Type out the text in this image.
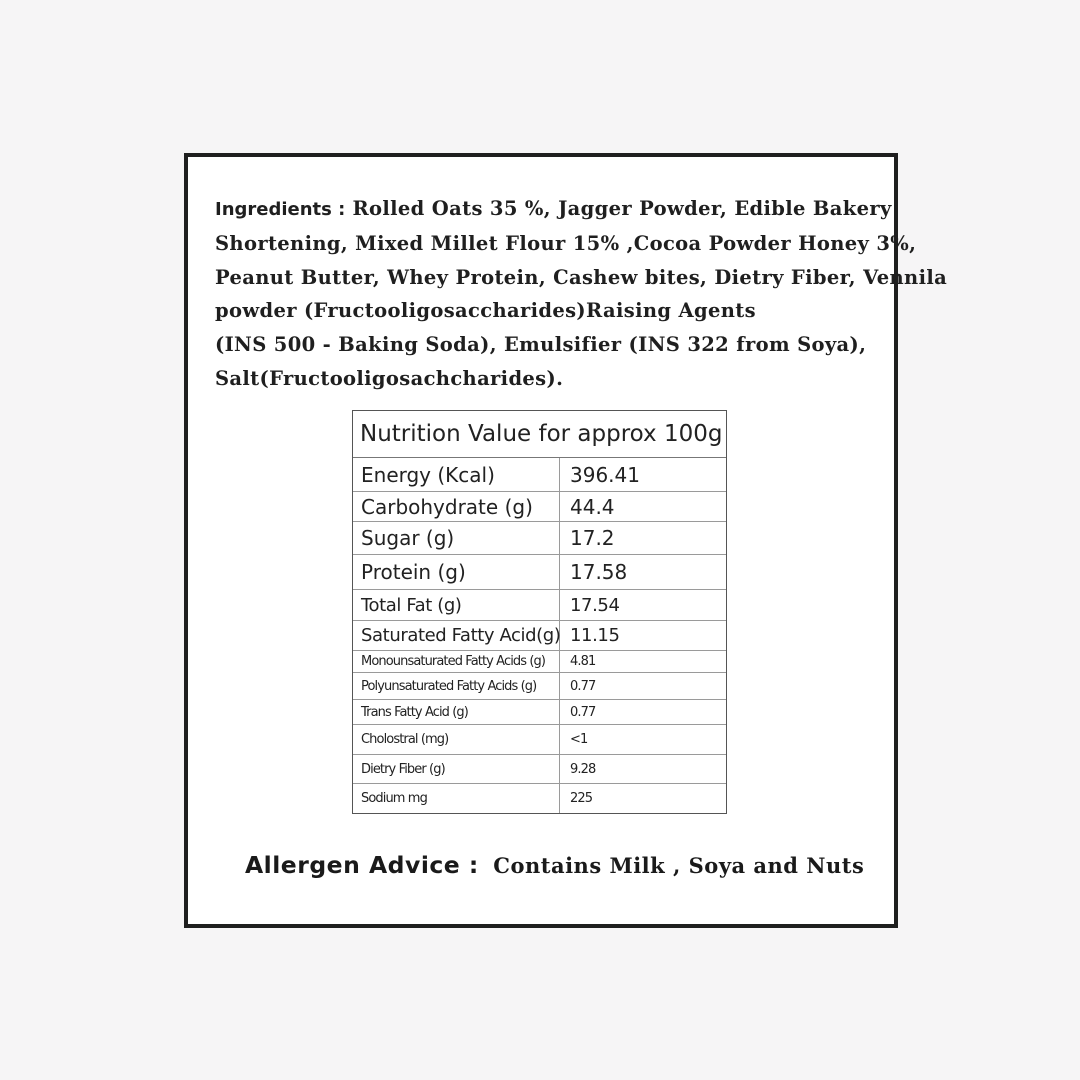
Ingredients : Rolled Oats 35 %, Jagger Powder, Edible Bakery
Shortening, Mixed Millet Flour 15% ,Cocoa Powder Honey 3%,
Peanut Butter, Whey Protein, Cashew bites, Dietry Fiber, Vennila
powder (Fructooligosaccharides)Raising Agents
(INS 500 - Baking Soda), Emulsifier (INS 322 from Soya),
Salt(Fructooligosachcharides).
Nutrition Value for approx 100g
Energy (Kcal)	396.41
Carbohydrate (g)	44.4
Sugar (g)	17.2
Protein (g)	17.58
Total Fat (g)	17.54
Saturated Fatty Acid(g) 11.15
Monounsaturated Fatty Acids (g)	4.81
Polyunsaturated Fatty Acids (g)	0.77
Trans Fatty Acid (g)	0.77
Cholostral (mg)	<1
Dietry Fiber (g)	9.28
Sodium mg	225
Allergen Advice : Contains Milk , Soya and Nuts
